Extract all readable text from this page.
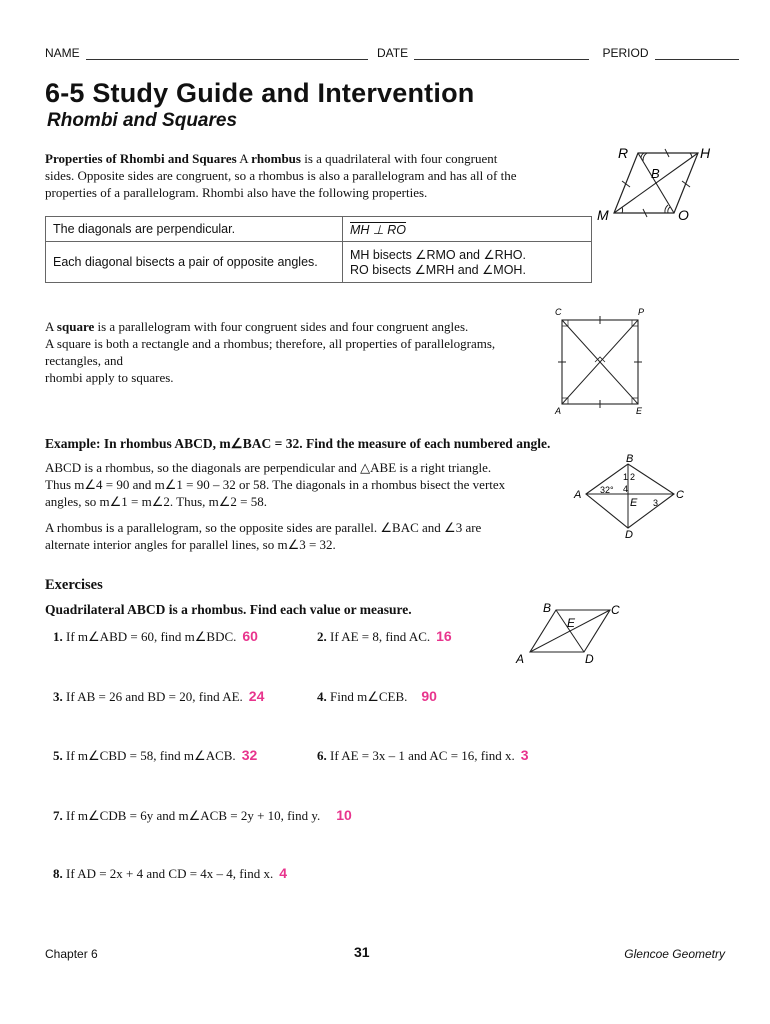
NAME	DATE	PERIOD
6-5 Study Guide and Intervention
Rhombi and Squares
Properties of Rhombi and Squares A rhombus is a quadrilateral with four congruent
sides. Opposite sides are congruent, so a rhombus is also a parallelogram and has all of the
properties of a parallelogram. Rhombi also have the following properties.
R	H
B
M	O
The diagonals are perpendicular.	MH ⊥ RO
Each diagonal bisects a pair of opposite angles.	MH bisects ∠RMO and ∠RHO.
RO bisects ∠MRH and ∠MOH.
A square is a parallelogram with four congruent sides and four congruent angles.
A square is both a rectangle and a rhombus; therefore, all properties of parallelograms,
rectangles, and
rhombi apply to squares.
C	P
A	E
Example: In rhombus ABCD, m∠BAC = 32. Find the measure of each numbered angle.
ABCD is a rhombus, so the diagonals are perpendicular and △ABE is a right triangle.
Thus m∠4 = 90 and m∠1 = 90 – 32 or 58. The diagonals in a rhombus bisect the vertex
angles, so m∠1 = m∠2. Thus, m∠2 = 58.
A rhombus is a parallelogram, so the opposite sides are parallel. ∠BAC and ∠3 are
alternate interior angles for parallel lines, so m∠3 = 32.
B
A	C
D
E
32°
1 2
3
4
Exercises
Quadrilateral ABCD is a rhombus. Find each value or measure.	B	C
E
A	D
1. If m∠ABD = 60, find m∠BDC. 60	2. If AE = 8, find AC. 16
3. If AB = 26 and BD = 20, find AE. 24	4. Find m∠CEB. 90
5. If m∠CBD = 58, find m∠ACB. 32	6. If AE = 3x – 1 and AC = 16, find x. 3
7. If m∠CDB = 6y and m∠ACB = 2y + 10, find y. 10
8. If AD = 2x + 4 and CD = 4x – 4, find x. 4
Chapter 6	31	Glencoe Geometry
